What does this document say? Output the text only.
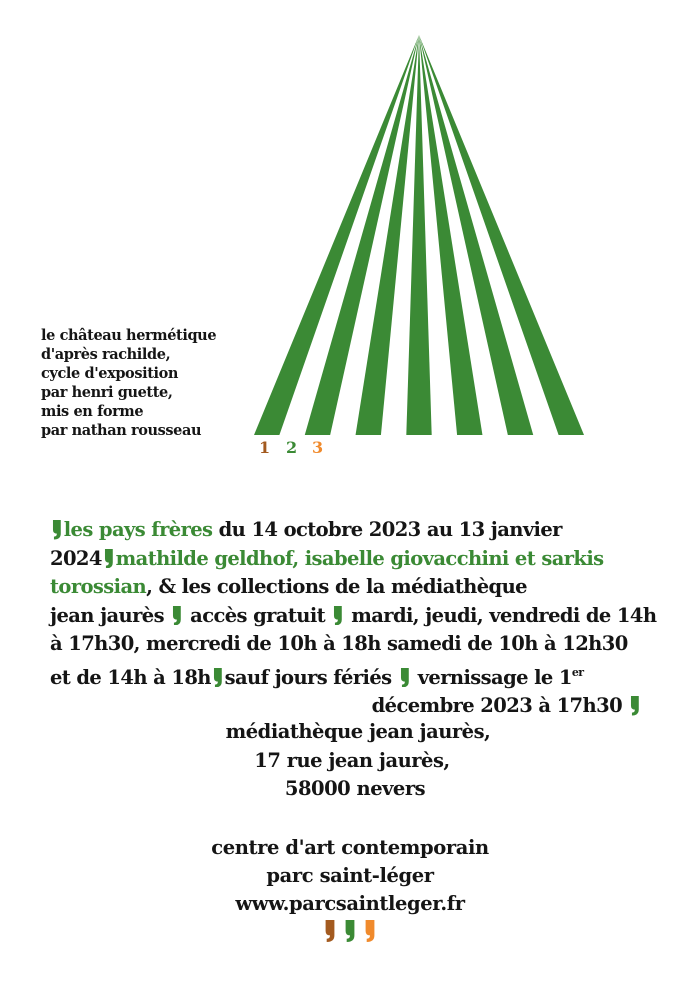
le château hermétique
d'après rachilde,
cycle d'exposition
par henri guette,
mis en forme
par nathan rousseau
1 2 3
les pays frères du 14 octobre 2023 au 13 janvier
2024 mathilde geldhof, isabelle giovacchini et sarkis
torossian, & les collections de la médiathèque
jean jaurès accès gratuit mardi, jeudi, vendredi de 14h
à 17h30, mercredi de 10h à 18h samedi de 10h à 12h30
et de 14h à 18h sauf jours fériés vernissage le 1er
décembre 2023 à 17h30
médiathèque jean jaurès,
17 rue jean jaurès,
58000 nevers
centre d'art contemporain
parc saint-léger
www.parcsaintleger.fr
